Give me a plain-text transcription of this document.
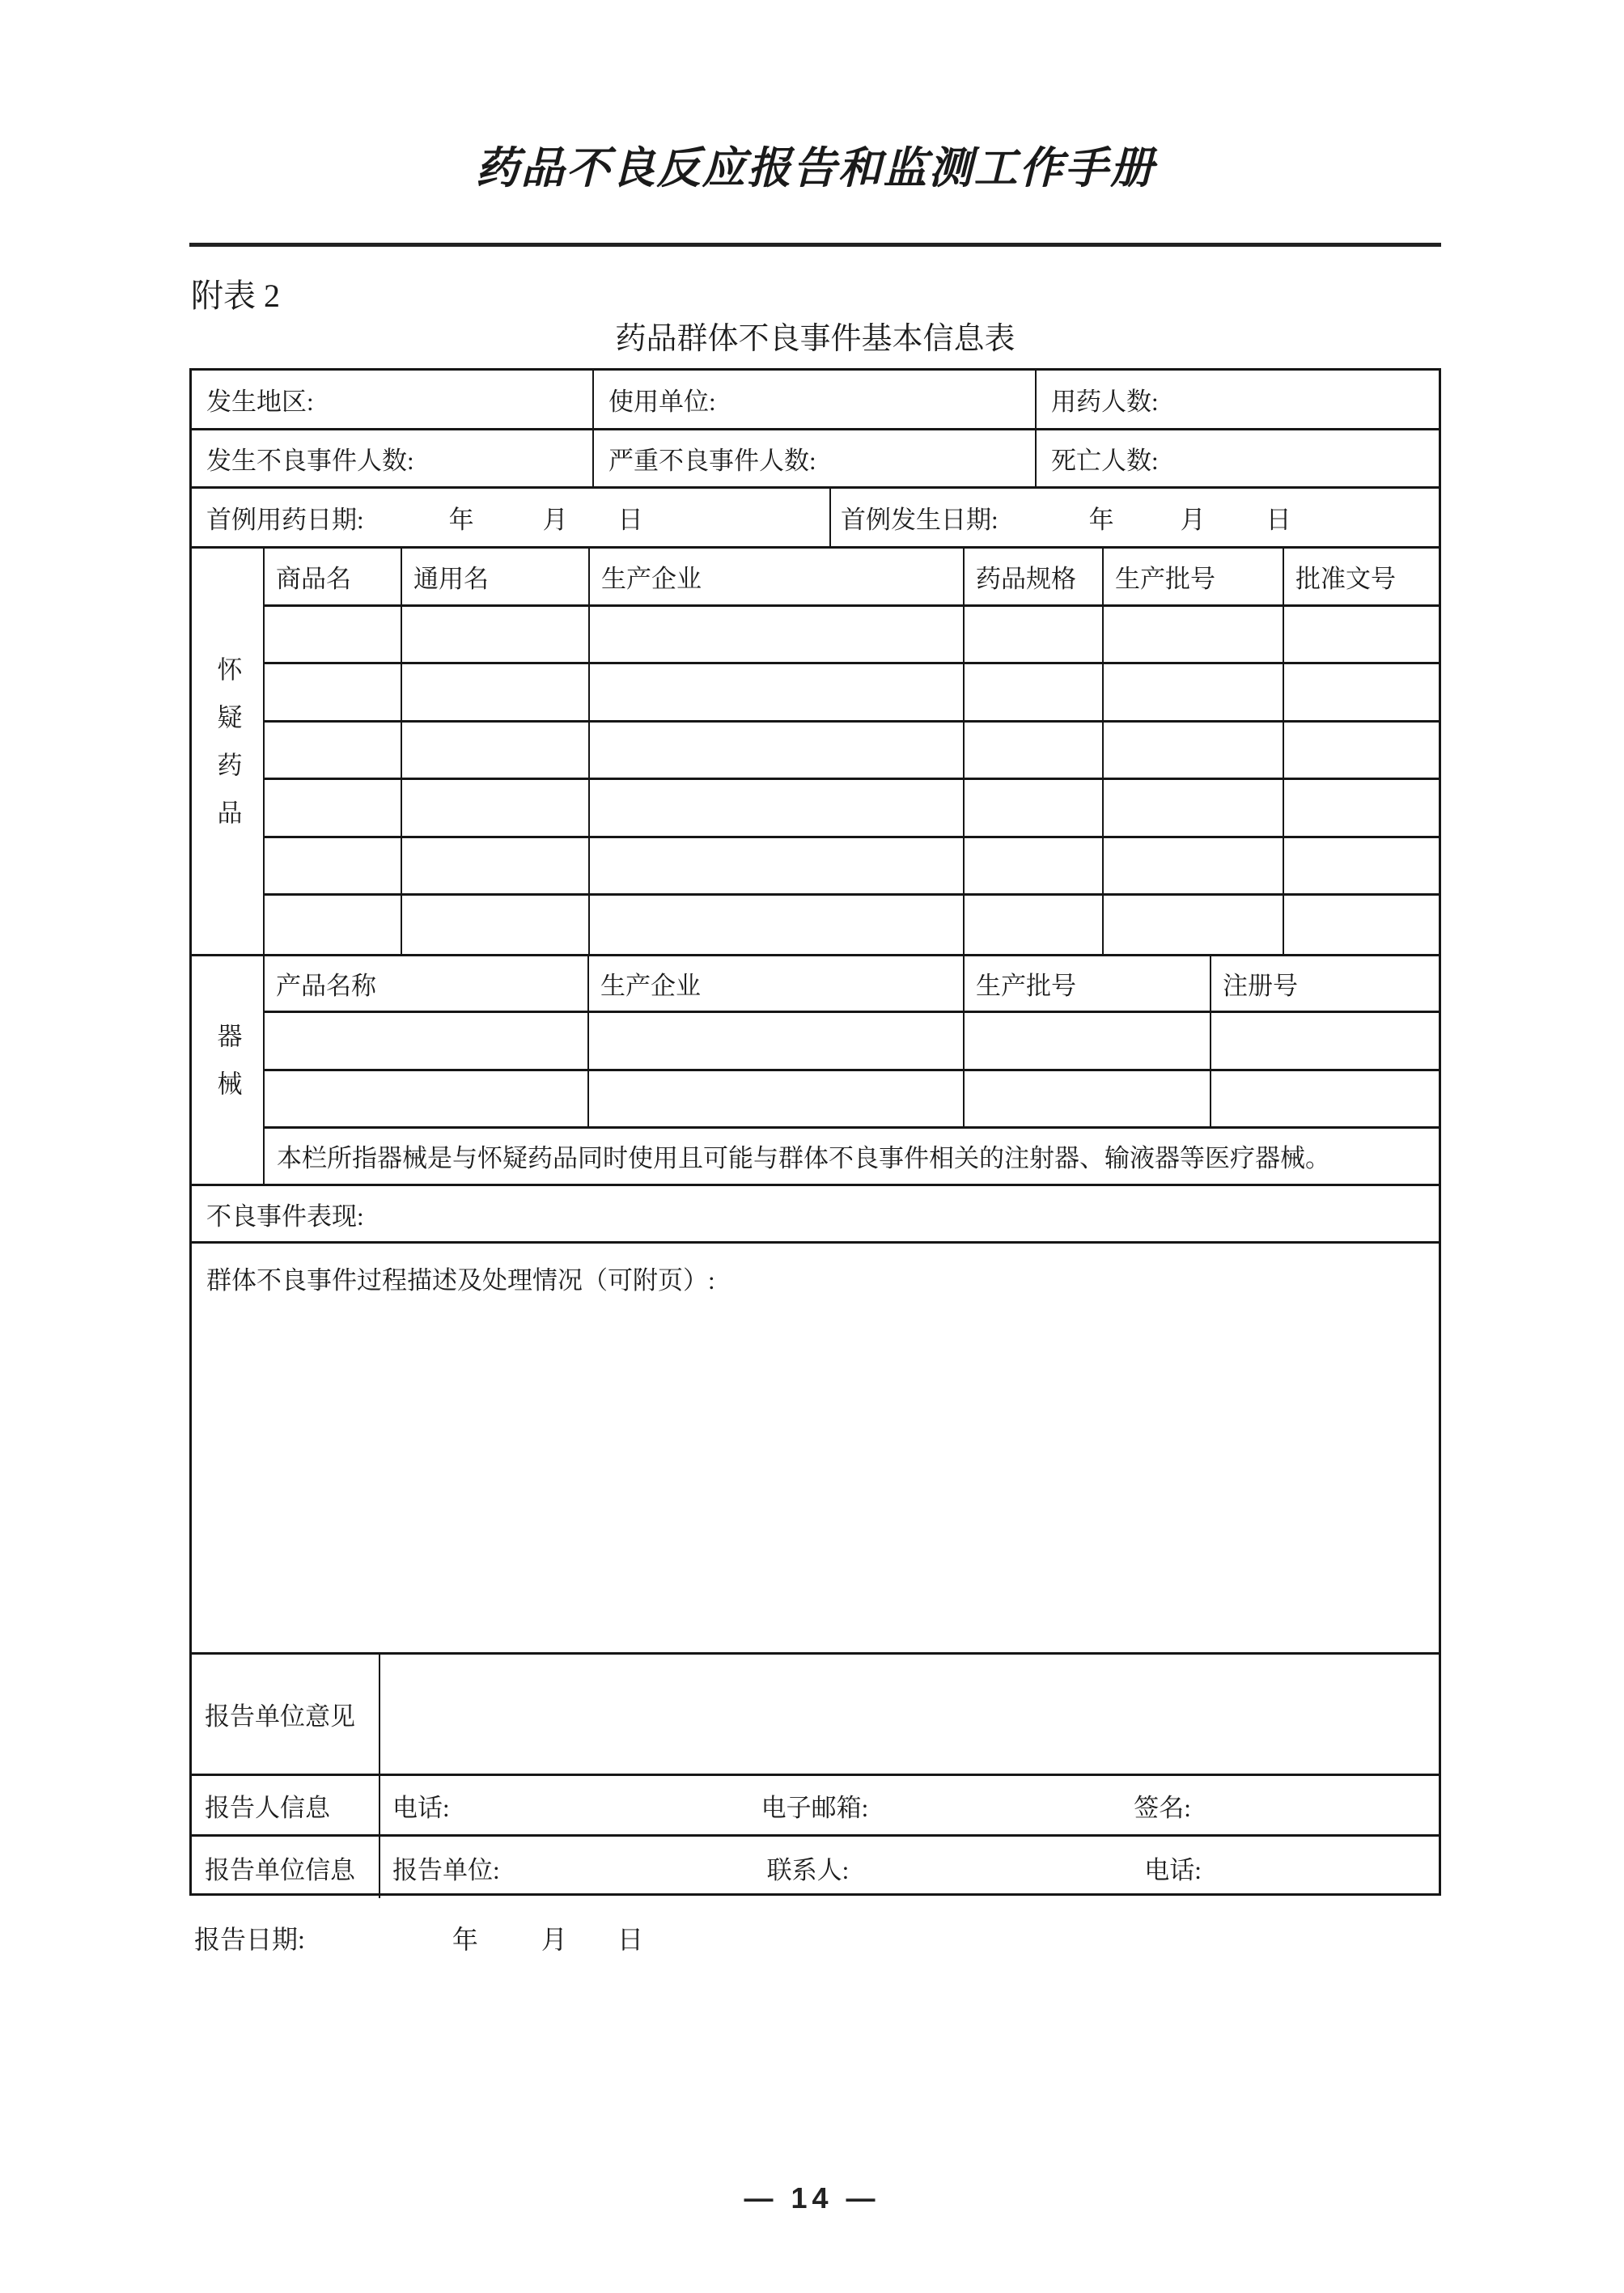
药品不良反应报告和监测工作手册
附表 2
药品群体不良事件基本信息表
发生地区:	使用单位:	用药人数:
发生不良事件人数:	严重不良事件人数:	死亡人数:
首例用药日期:	年	月 日	首例发生日期:	年	月 日
怀疑药品
商品名	通用名	生产企业	药品规格	生产批号	批准文号
器械
产品名称	生产企业	生产批号	注册号
本栏所指器械是与怀疑药品同时使用且可能与群体不良事件相关的注射器、输液器等医疗器械。
不良事件表现:
群体不良事件过程描述及处理情况（可附页）:
报告单位意见
报告人信息	电话:	电子邮箱:	签名:
报告单位信息	报告单位:	联系人:	电话:
报告日期:	年 月 日
— 14 —
